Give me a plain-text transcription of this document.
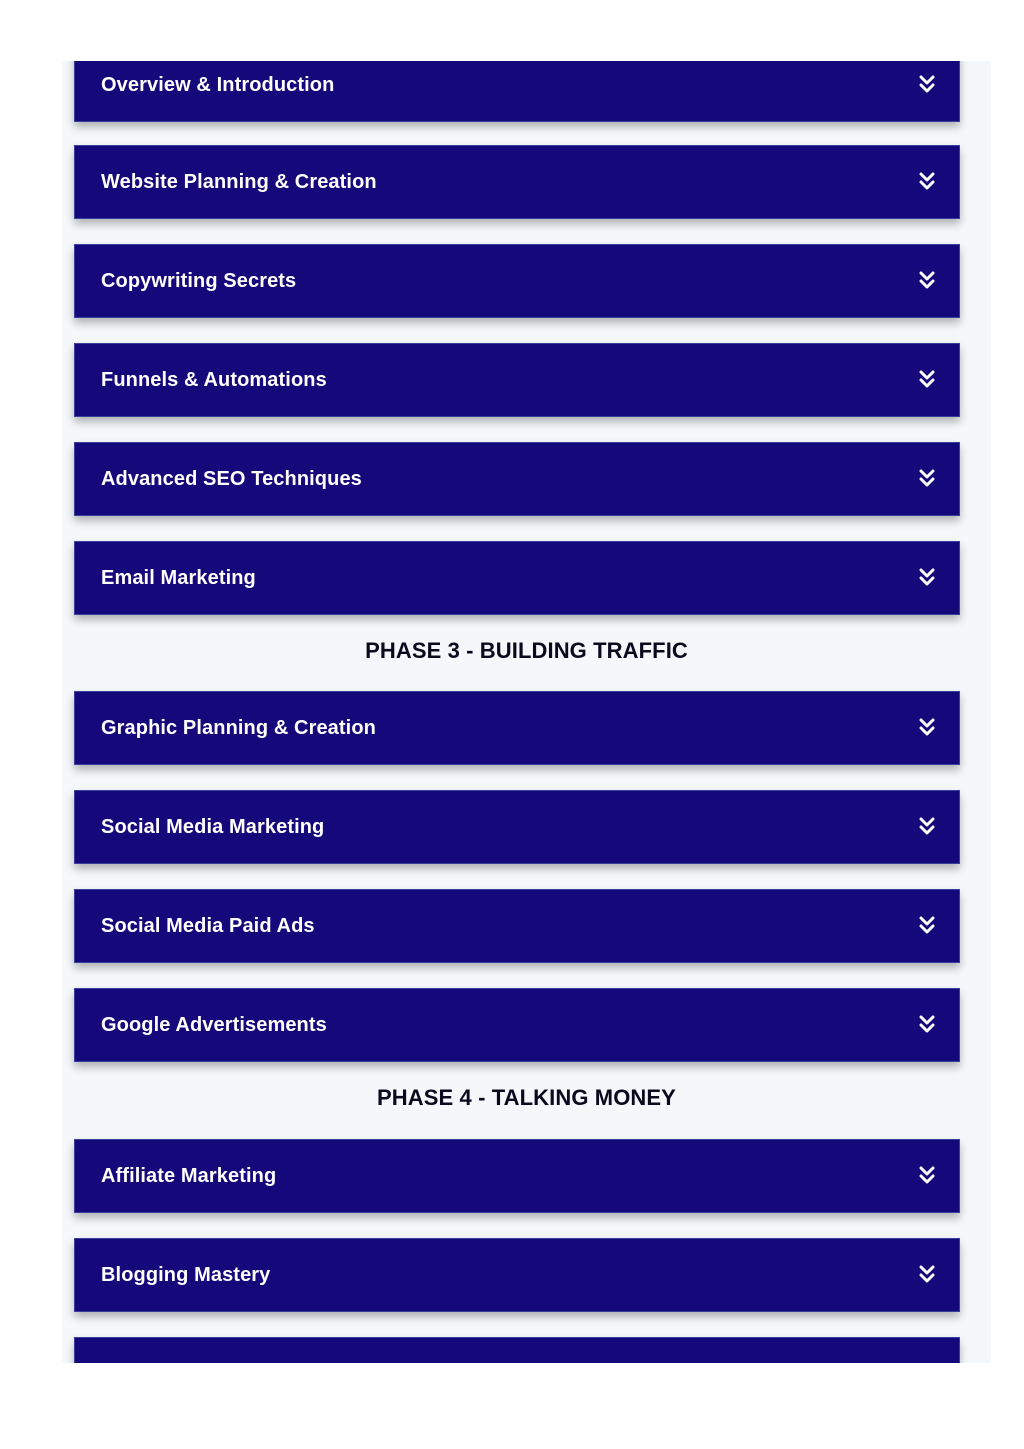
Overview & Introduction
Website Planning & Creation
Copywriting Secrets
Funnels & Automations
Advanced SEO Techniques
Email Marketing
PHASE 3 - BUILDING TRAFFIC
Graphic Planning & Creation
Social Media Marketing
Social Media Paid Ads
Google Advertisements
PHASE 4 - TALKING MONEY
Affiliate Marketing
Blogging Mastery
